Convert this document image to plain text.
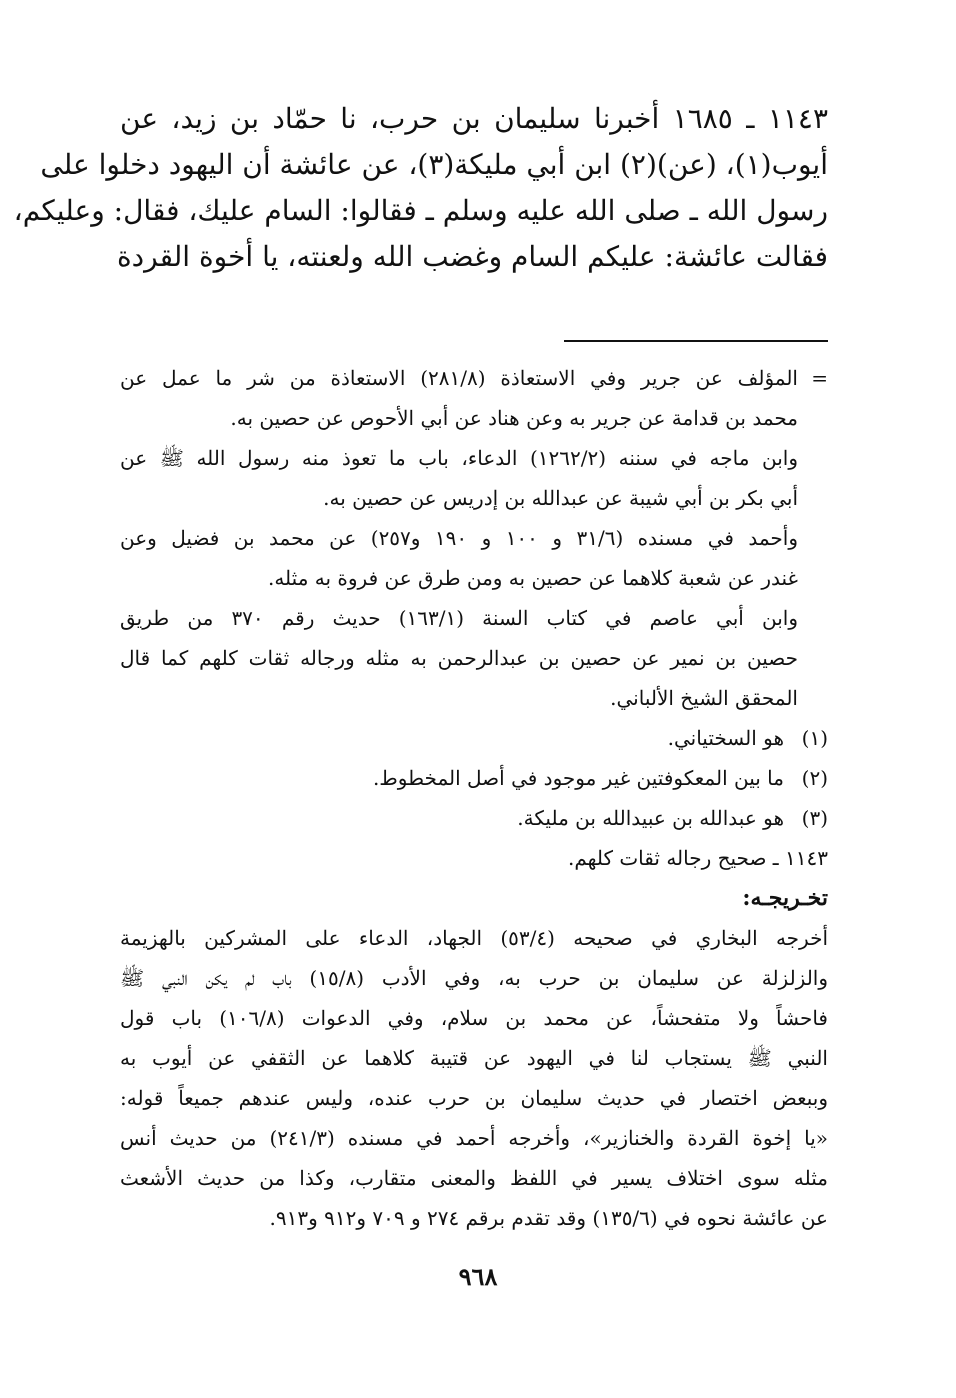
١١٤٣ ـ ١٦٨٥ أخبرنا سليمان بن حرب، نا حمّاد بن زيد، عن
أيوب(١)، (عن)(٢) ابن أبي مليكة(٣)، عن عائشة أن اليهود دخلوا على
رسول الله ـ صلى الله عليه وسلم ـ فقالوا: السام عليك، فقال: وعليكم،
فقالت عائشة: عليكم السام وغضب الله ولعنته، يا أخوة القردة
=
المؤلف عن جرير وفي الاستعاذة (٢٨١/٨) الاستعاذة من شر ما عمل عن
محمد بن قدامة عن جرير به وعن هناد عن أبي الأحوص عن حصين به.
وابن ماجه في سننه (١٢٦٢/٢) الدعاء، باب ما تعوذ منه رسول الله ﷺ عن
أبي بكر بن أبي شيبة عن عبدالله بن إدريس عن حصين به.
وأحمد في مسنده (٣١/٦ و ١٠٠ و ١٩٠ و٢٥٧) عن محمد بن فضيل وعن
غندر عن شعبة كلاهما عن حصين به ومن طرق عن فروة به مثله.
وابن أبي عاصم في كتاب السنة (١٦٣/١) حديث رقم ٣٧٠ من طريق
حصين بن نمير عن حصين بن عبدالرحمن به مثله ورجاله ثقات كلهم كما قال
المحقق الشيخ الألباني.
(١)
هو السختياني.
(٢)
ما بين المعكوفتين غير موجود في أصل المخطوط.
(٣)
هو عبدالله بن عبيدالله بن مليكة.
١١٤٣ ـ صحيح رجاله ثقات كلهم.
تخـريجـه:
أخرجه البخاري في صحيحه (٥٣/٤) الجهاد، الدعاء على المشركين بالهزيمة
والزلزلة عن سليمان بن حرب به، وفي الأدب (١٥/٨) باب لم يكن النبي ﷺ
فاحشاً ولا متفحشاً، عن محمد بن سلام، وفي الدعوات (١٠٦/٨) باب قول
النبي ﷺ يستجاب لنا في اليهود عن قتيبة كلاهما عن الثقفي عن أيوب به
وببعض اختصار في حديث سليمان بن حرب عنده، وليس عندهم جميعاً قوله:
«يا إخوة القردة والخنازير»، وأخرجه أحمد في مسنده (٢٤١/٣) من حديث أنس
مثله سوى اختلاف يسير في اللفظ والمعنى متقارب، وكذا من حديث الأشعث
عن عائشة نحوه في (١٣٥/٦) وقد تقدم برقم ٢٧٤ و ٧٠٩ و٩١٢ و٩١٣.
٩٦٨
